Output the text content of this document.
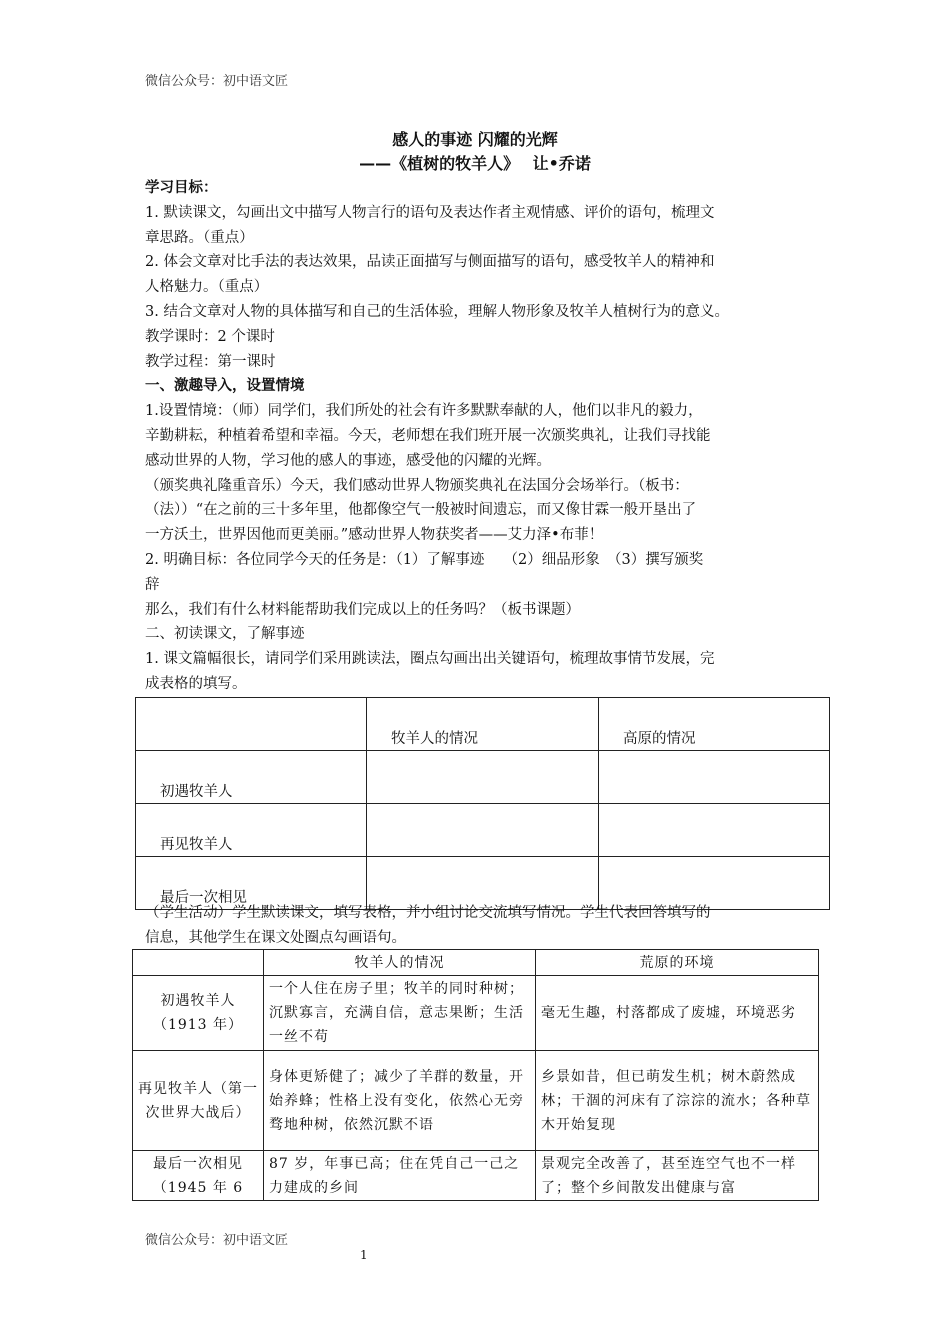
微信公众号：初中语文匠
感人的事迹 闪耀的光辉
——《植树的牧羊人》　 让•乔诺
学习目标：
1. 默读课文，勾画出文中描写人物言行的语句及表达作者主观情感、评价的语句，梳理文
章思路。（重点）
2. 体会文章对比手法的表达效果，品读正面描写与侧面描写的语句，感受牧羊人的精神和
人格魅力。（重点）
3. 结合文章对人物的具体描写和自己的生活体验，理解人物形象及牧羊人植树行为的意义。
教学课时：2 个课时
教学过程：第一课时
一、激趣导入，设置情境
1.设置情境：（师）同学们，我们所处的社会有许多默默奉献的人，他们以非凡的毅力，
辛勤耕耘，种植着希望和幸福。今天，老师想在我们班开展一次颁奖典礼，让我们寻找能
感动世界的人物，学习他的感人的事迹，感受他的闪耀的光辉。
（颁奖典礼隆重音乐）今天，我们感动世界人物颁奖典礼在法国分会场举行。（板书：
（法））“在之前的三十多年里，他都像空气一般被时间遗忘，而又像甘霖一般开垦出了
一方沃土，世界因他而更美丽。”感动世界人物获奖者——艾力泽•布菲！
2. 明确目标：各位同学今天的任务是：（1）了解事迹　 （2）细品形象　（3）撰写颁奖
辞
那么，我们有什么材料能帮助我们完成以上的任务吗？（板书课题）
二、初读课文，了解事迹
1. 课文篇幅很长，请同学们采用跳读法，圈点勾画出出关键语句，梳理故事情节发展，完
成表格的填写。
	牧羊人的情况	高原的情况
初遇牧羊人		
再见牧羊人		
最后一次相见		
（学生活动）学生默读课文，填写表格，并小组讨论交流填写情况。学生代表回答填写的
信息，其他学生在课文处圈点勾画语句。
	牧羊人的情况	荒原的环境
初遇牧羊人（1913 年）	一个人住在房子里；牧羊的同时种树；沉默寡言，充满自信，意志果断；生活一丝不苟	毫无生趣，村落都成了废墟，环境恶劣
再见牧羊人（第一次世界大战后）	身体更矫健了；减少了羊群的数量，开始养蜂；性格上没有变化，依然心无旁骛地种树，依然沉默不语	乡景如昔，但已萌发生机；树木蔚然成林；干涸的河床有了淙淙的流水；各种草木开始复现
最后一次相见（1945 年 6	87 岁，年事已高；住在凭自己一己之力建成的乡间	景观完全改善了，甚至连空气也不一样了；整个乡间散发出健康与富
微信公众号：初中语文匠
1
